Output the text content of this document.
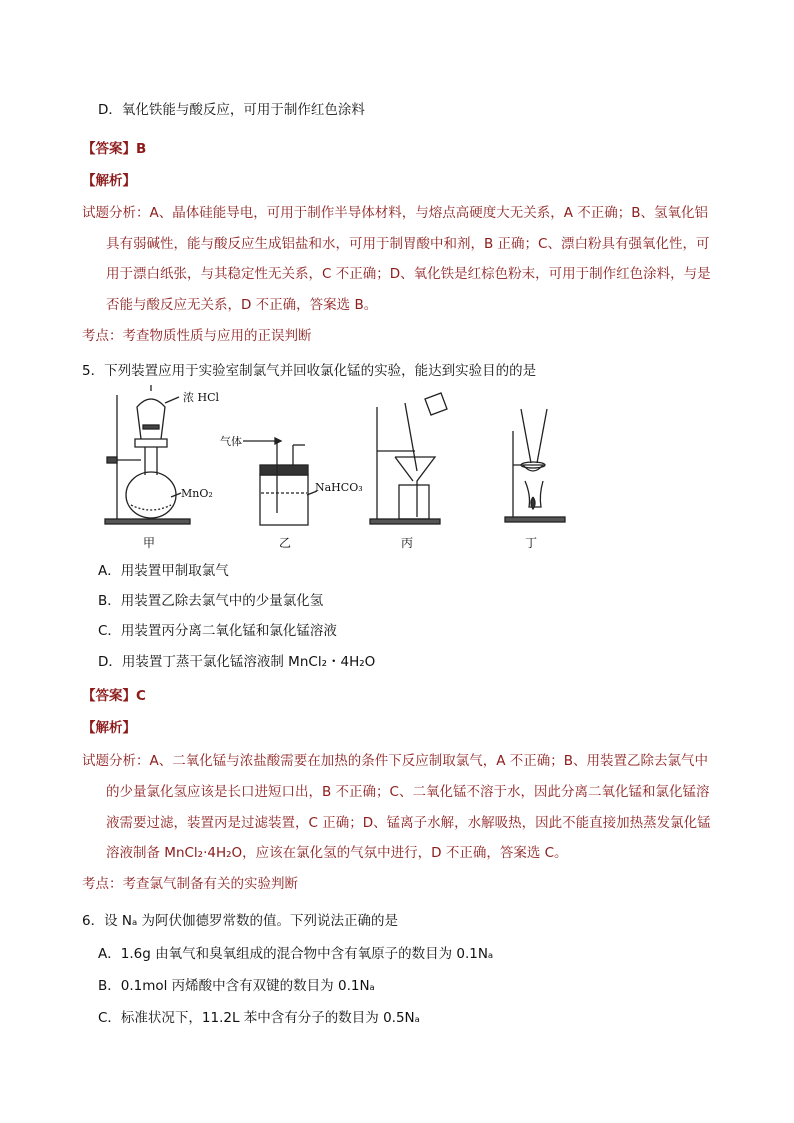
D．氧化铁能与酸反应，可用于制作红色涂料
【答案】B
【解析】
试题分析：A、晶体硅能导电，可用于制作半导体材料，与熔点高硬度大无关系，A 不正确；B、氢氧化铝
具有弱碱性，能与酸反应生成铝盐和水，可用于制胃酸中和剂，B 正确；C、漂白粉具有强氧化性，可
用于漂白纸张，与其稳定性无关系，C 不正确；D、氧化铁是红棕色粉末，可用于制作红色涂料，与是
否能与酸反应无关系，D 不正确，答案选 B。
考点：考查物质性质与应用的正误判断
5．下列装置应用于实验室制氯气并回收氯化锰的实验，能达到实验目的的是
浓 HCl
MnO₂
甲
气体
NaHCO₃
乙	丙	丁
A．用装置甲制取氯气
B．用装置乙除去氯气中的少量氯化氢
C．用装置丙分离二氧化锰和氯化锰溶液
D．用装置丁蒸干氯化锰溶液制 MnCl₂・4H₂O
【答案】C
【解析】
试题分析：A、二氧化锰与浓盐酸需要在加热的条件下反应制取氯气，A 不正确；B、用装置乙除去氯气中
的少量氯化氢应该是长口进短口出，B 不正确；C、二氧化锰不溶于水，因此分离二氧化锰和氯化锰溶
液需要过滤，装置丙是过滤装置，C 正确；D、锰离子水解，水解吸热，因此不能直接加热蒸发氯化锰
溶液制备 MnCl₂·4H₂O，应该在氯化氢的气氛中进行，D 不正确，答案选 C。
考点：考查氯气制备有关的实验判断
6．设 Nₐ 为阿伏伽德罗常数的值。下列说法正确的是
A．1.6g 由氧气和臭氧组成的混合物中含有氧原子的数目为 0.1Nₐ
B．0.1mol 丙烯酸中含有双键的数目为 0.1Nₐ
C．标准状况下，11.2L 苯中含有分子的数目为 0.5Nₐ
